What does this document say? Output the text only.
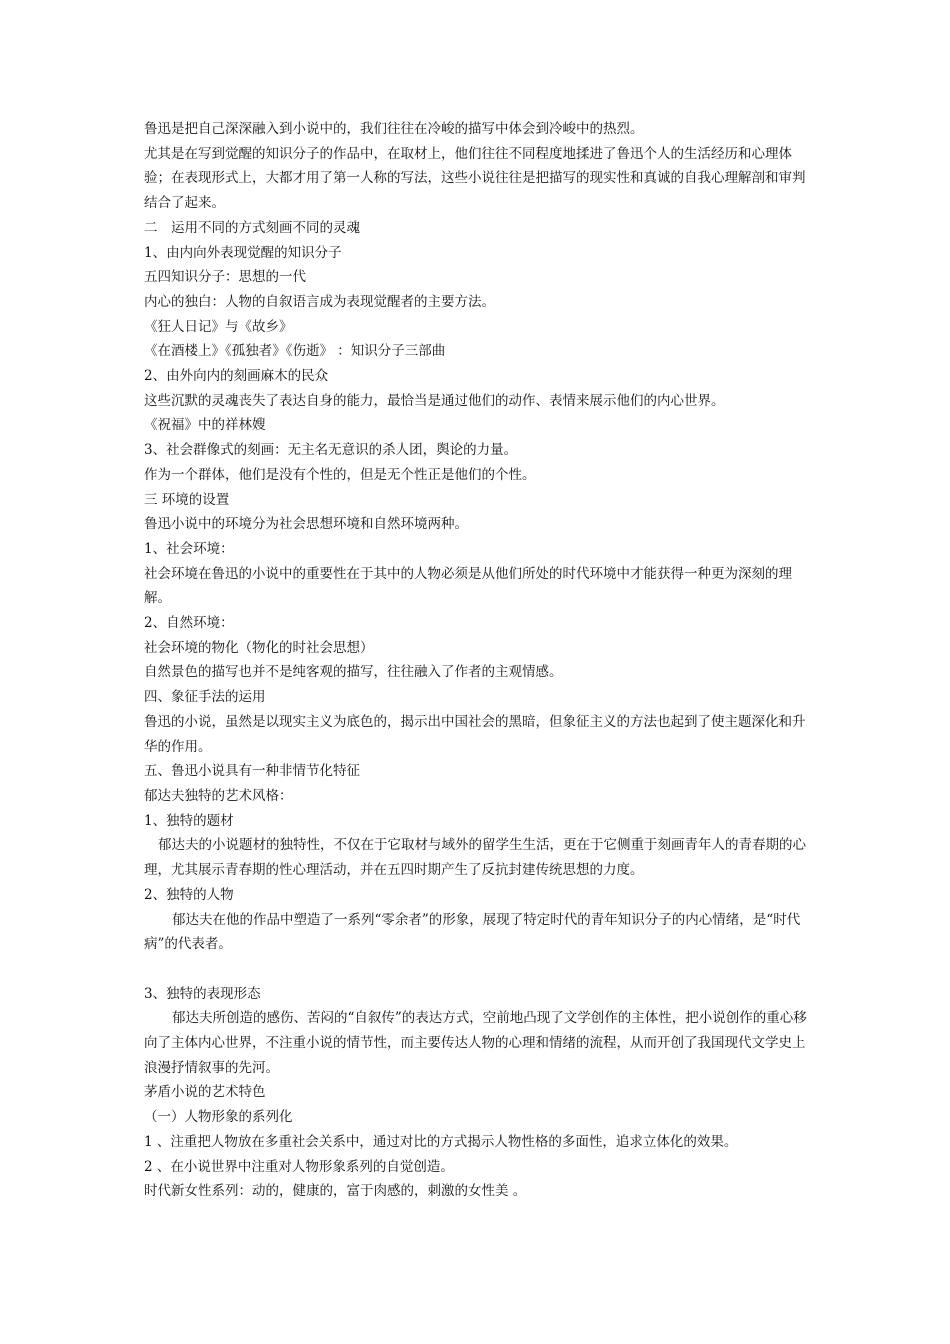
鲁迅是把自己深深融入到小说中的，我们往往在冷峻的描写中体会到冷峻中的热烈。

尤其是在写到觉醒的知识分子的作品中，在取材上，他们往往不同程度地揉进了鲁迅个人的生活经历和心理体验；在表现形式上，大都才用了第一人称的写法，这些小说往往是把描写的现实性和真诚的自我心理解剖和审判结合了起来。

二　运用不同的方式刻画不同的灵魂

1、由内向外表现觉醒的知识分子

五四知识分子：思想的一代

内心的独白：人物的自叙语言成为表现觉醒者的主要方法。

《狂人日记》与《故乡》

《在酒楼上》《孤独者》《伤逝》 ：知识分子三部曲

2、由外向内的刻画麻木的民众

这些沉默的灵魂丧失了表达自身的能力，最恰当是通过他们的动作、表情来展示他们的内心世界。

《祝福》中的祥林嫂

3、社会群像式的刻画：无主名无意识的杀人团，舆论的力量。

作为一个群体，他们是没有个性的，但是无个性正是他们的个性。

三 环境的设置

鲁迅小说中的环境分为社会思想环境和自然环境两种。

1、社会环境：

社会环境在鲁迅的小说中的重要性在于其中的人物必须是从他们所处的时代环境中才能获得一种更为深刻的理解。

2、自然环境：

社会环境的物化（物化的时社会思想）

自然景色的描写也并不是纯客观的描写，往往融入了作者的主观情感。

四、象征手法的运用

鲁迅的小说，虽然是以现实主义为底色的，揭示出中国社会的黑暗，但象征主义的方法也起到了使主题深化和升华的作用。

五、鲁迅小说具有一种非情节化特征

郁达夫独特的艺术风格：

1、独特的题材

郁达夫的小说题材的独特性，不仅在于它取材与域外的留学生生活，更在于它侧重于刻画青年人的青春期的心理，尤其展示青春期的性心理活动，并在五四时期产生了反抗封建传统思想的力度。

2、独特的人物

郁达夫在他的作品中塑造了一系列“零余者”的形象，展现了特定时代的青年知识分子的内心情绪，是“时代病”的代表者。

3、独特的表现形态

郁达夫所创造的感伤、苦闷的“自叙传”的表达方式，空前地凸现了文学创作的主体性，把小说创作的重心移向了主体内心世界，不注重小说的情节性，而主要传达人物的心理和情绪的流程，从而开创了我国现代文学史上浪漫抒情叙事的先河。

茅盾小说的艺术特色

（一）人物形象的系列化

1 、注重把人物放在多重社会关系中，通过对比的方式揭示人物性格的多面性，追求立体化的效果。

2 、在小说世界中注重对人物形象系列的自觉创造。

时代新女性系列：动的，健康的，富于肉感的，刺激的女性美 。
